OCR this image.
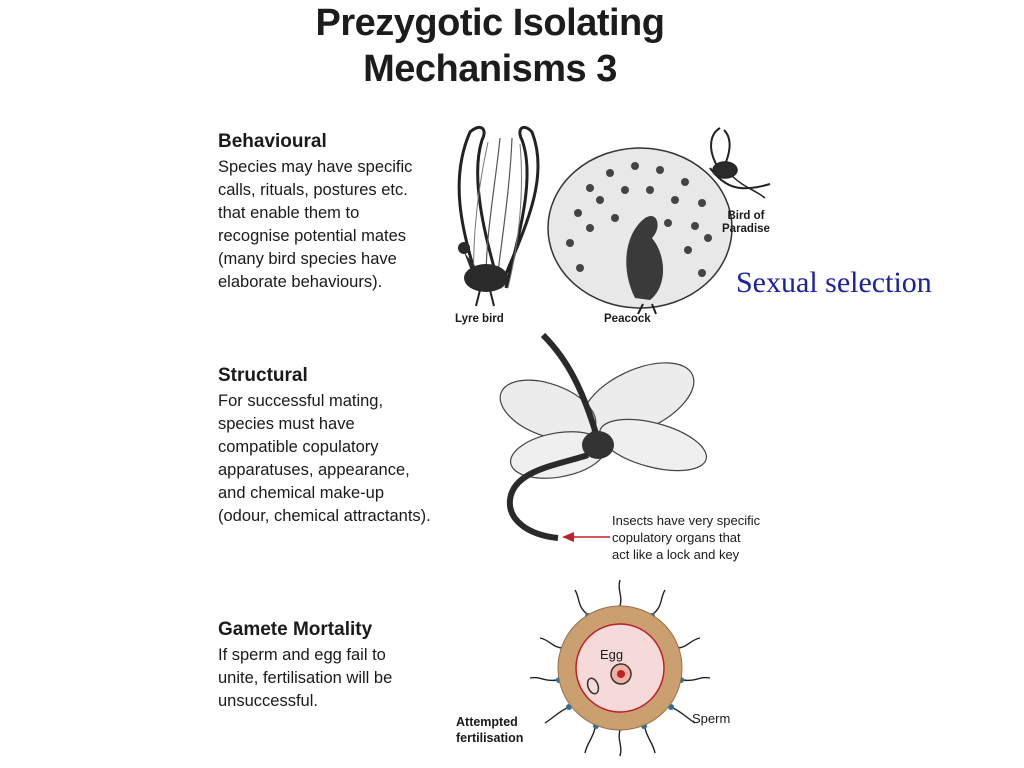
Prezygotic Isolating
Mechanisms 3
Behavioural

Species may have specific
calls, rituals, postures etc.
that enable them to
recognise potential mates
(many bird species have
elaborate behaviours).

Structural

For successful mating,
species must have
compatible copulatory
apparatuses, appearance,
and chemical make-up
(odour, chemical attractants).

Gamete Mortality

If sperm and egg fail to
unite, fertilisation will be
unsuccessful.

Lyre bird	Peacock
Bird of
Paradise
Sexual selection
Insects have very specific
copulatory organs that
act like a lock and key
Egg
Sperm
Attempted
fertilisation
